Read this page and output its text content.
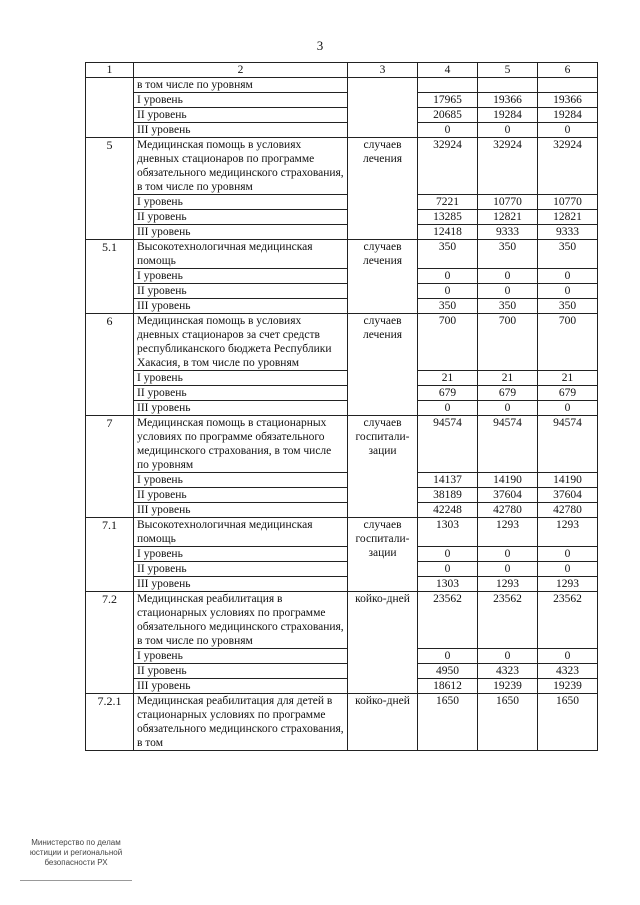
3
1	2	3	4	5	6
	в том числе по уровням				
	I уровень		17965	19366	19366
	II уровень		20685	19284	19284
	III уровень		0	0	0
5	Медицинская помощь в условиях дневных стационаров по программе обязательного медицинского страхования, в том числе по уровням	случаев лечения	32924	32924	32924
	I уровень		7221	10770	10770
	II уровень		13285	12821	12821
	III уровень		12418	9333	9333
5.1	Высокотехнологичная медицинская помощь	случаев лечения	350	350	350
	I уровень		0	0	0
	II уровень		0	0	0
	III уровень		350	350	350
6	Медицинская помощь в условиях дневных стационаров за счет средств республиканского бюджета Республики Хакасия, в том числе по уровням	случаев лечения	700	700	700
	I уровень		21	21	21
	II уровень		679	679	679
	III уровень		0	0	0
7	Медицинская помощь в стационарных условиях по программе обязательного медицинского страхования, в том числе по уровням	случаев госпитали-зации	94574	94574	94574
	I уровень		14137	14190	14190
	II уровень		38189	37604	37604
	III уровень		42248	42780	42780
7.1	Высокотехнологичная медицинская помощь	случаев госпитали-зации	1303	1293	1293
	I уровень		0	0	0
	II уровень		0	0	0
	III уровень		1303	1293	1293
7.2	Медицинская реабилитация в стационарных условиях по программе обязательного медицинского страхования, в том числе по уровням	койко-дней	23562	23562	23562
	I уровень		0	0	0
	II уровень		4950	4323	4323
	III уровень		18612	19239	19239
7.2.1	Медицинская реабилитация для детей в стационарных условиях по программе обязательного медицинского страхования, в том	койко-дней	1650	1650	1650
Министерство по делам
юстиции и региональной
безопасности РХ
